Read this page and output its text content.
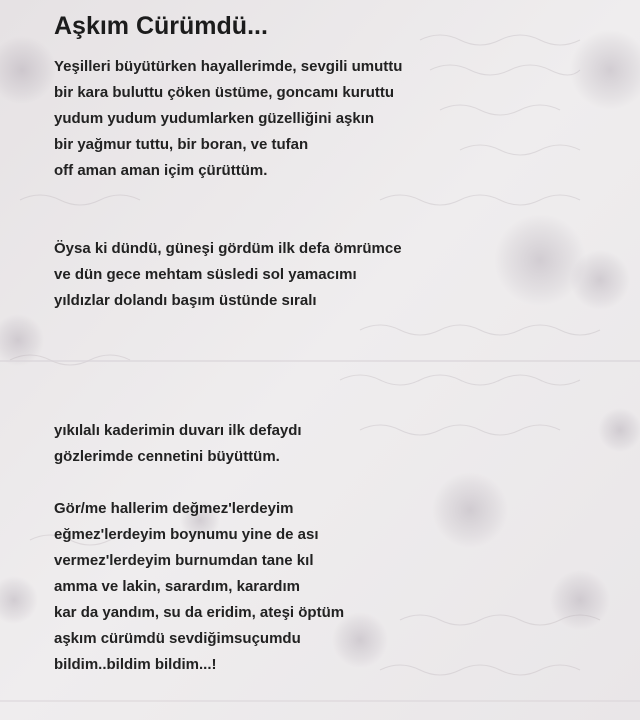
Aşkım Cürümdü...
Yeşilleri büyütürken hayallerimde, sevgili umuttu
bir kara buluttu çöken üstüme, goncamı kuruttu
yudum yudum yudumlarken güzelliğini aşkın
bir yağmur tuttu, bir boran, ve tufan
off aman aman içim çürüttüm.
Öysa ki dündü, güneşi gördüm ilk defa ömrümce
ve dün gece mehtam süsledi sol yamacımı
yıldızlar dolandı başım üstünde sıralı
yıkılalı kaderimin duvarı ilk defaydı
gözlerimde cennetini büyüttüm.
Gör/me hallerim değmez'lerdeyim
eğmez'lerdeyim boynumu yine de ası
vermez'lerdeyim burnumdan tane kıl
amma ve lakin, sarardım, karardım
kar da yandım, su da eridim, ateşi öptüm
aşkım cürümdü sevdiğimsuçumdu
bildim..bildim bildim...!
